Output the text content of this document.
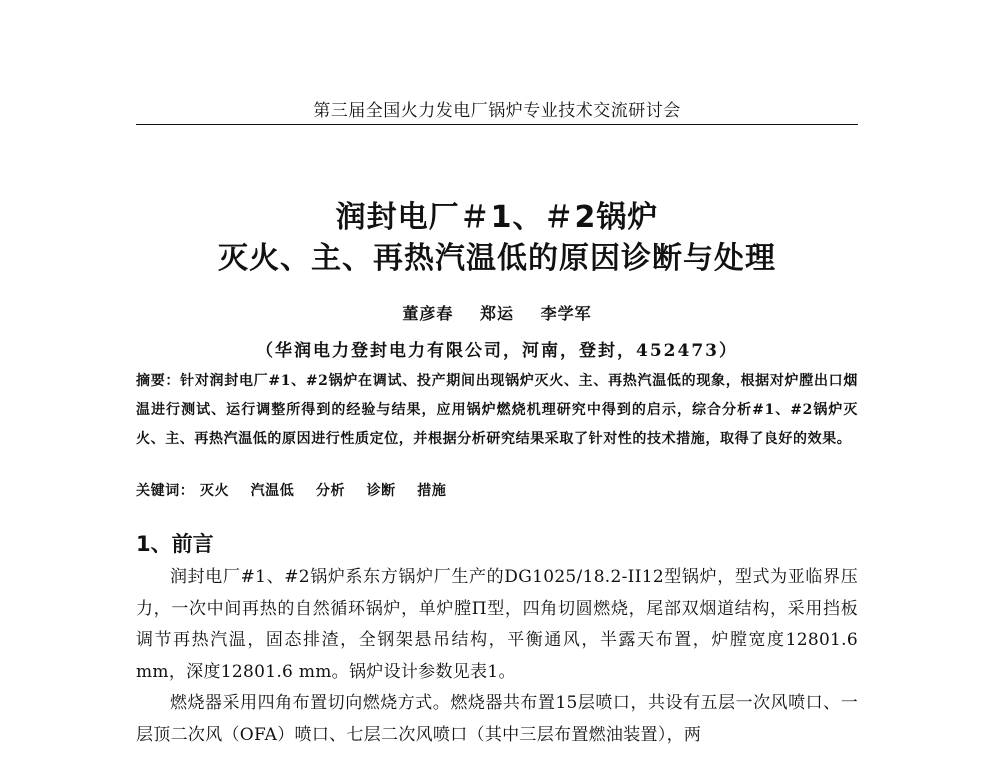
第三届全国火力发电厂锅炉专业技术交流研讨会
润封电厂＃1、＃2锅炉
灭火、主、再热汽温低的原因诊断与处理
董彦春 郑运 李学军
（华润电力登封电力有限公司，河南，登封，452473）
摘要：针对润封电厂#1、#2锅炉在调试、投产期间出现锅炉灭火、主、再热汽温低的现象，根据对炉膛出口烟温进行测试、运行调整所得到的经验与结果，应用锅炉燃烧机理研究中得到的启示，综合分析#1、#2锅炉灭火、主、再热汽温低的原因进行性质定位，并根据分析研究结果采取了针对性的技术措施，取得了良好的效果。
关键词： 灭火 汽温低 分析 诊断 措施
1、前言

润封电厂#1、#2锅炉系东方锅炉厂生产的DG1025/18.2-II12型锅炉，型式为亚临界压力，一次中间再热的自然循环锅炉，单炉膛Π型，四角切圆燃烧，尾部双烟道结构，采用挡板调节再热汽温，固态排渣，全钢架悬吊结构，平衡通风，半露天布置，炉膛宽度12801.6 mm，深度12801.6 mm。锅炉设计参数见表1。

燃烧器采用四角布置切向燃烧方式。燃烧器共布置15层喷口，共设有五层一次风喷口、一层顶二次风（OFA）喷口、七层二次风喷口（其中三层布置燃油装置），两
